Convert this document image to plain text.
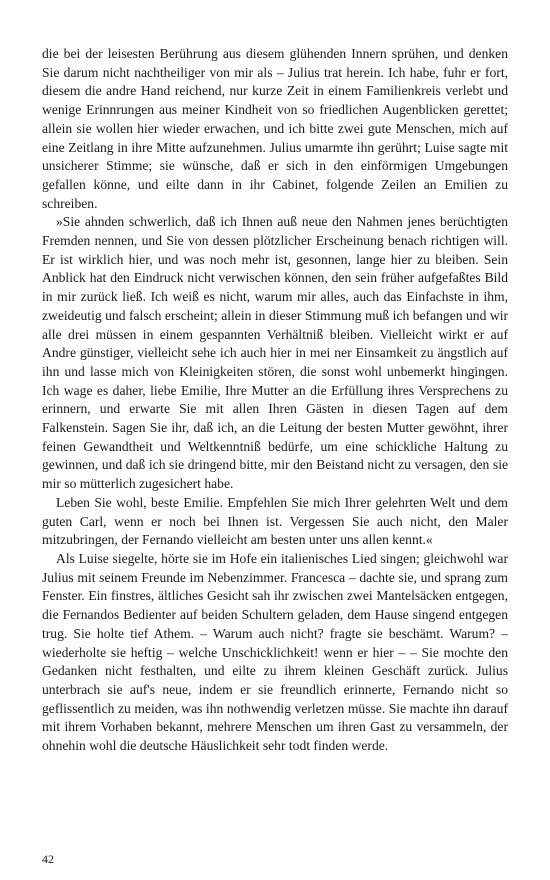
die bei der leisesten Berührung aus diesem glühenden Innern sprühen, und denken Sie darum nicht nachtheiliger von mir als – Julius trat herein. Ich habe, fuhr er fort, diesem die andre Hand reichend, nur kurze Zeit in einem Familienkreis verlebt und wenige Erinnrungen aus meiner Kindheit von so friedlichen Augenblicken gerettet; allein sie wollen hier wieder erwachen, und ich bitte zwei gute Menschen, mich auf eine Zeitlang in ihre Mitte aufzunehmen. Julius umarmte ihn gerührt; Luise sagte mit unsicherer Stimme; sie wünsche, daß er sich in den einförmigen Umgebungen gefallen könne, und eilte dann in ihr Cabinet, folgende Zeilen an Emilien zu schreiben.

»Sie ahnden schwerlich, daß ich Ihnen auß neue den Nahmen jenes berüchtigten Fremden nennen, und Sie von dessen plötzlicher Erscheinung benach richtigen will. Er ist wirklich hier, und was noch mehr ist, gesonnen, lange hier zu bleiben. Sein Anblick hat den Eindruck nicht verwischen können, den sein früher aufgefaßtes Bild in mir zurück ließ. Ich weiß es nicht, warum mir alles, auch das Einfachste in ihm, zweideutig und falsch erscheint; allein in dieser Stimmung muß ich befangen und wir alle drei müssen in einem gespannten Verhältniß bleiben. Vielleicht wirkt er auf Andre günstiger, vielleicht sehe ich auch hier in mei ner Einsamkeit zu ängstlich auf ihn und lasse mich von Kleinigkeiten stören, die sonst wohl unbemerkt hingingen. Ich wage es daher, liebe Emilie, Ihre Mutter an die Erfüllung ihres Versprechens zu erinnern, und erwarte Sie mit allen Ihren Gästen in diesen Tagen auf dem Falkenstein. Sagen Sie ihr, daß ich, an die Leitung der besten Mutter gewöhnt, ihrer feinen Gewandtheit und Weltkenntniß bedürfe, um eine schickliche Haltung zu gewinnen, und daß ich sie dringend bitte, mir den Beistand nicht zu versagen, den sie mir so mütterlich zugesichert habe.

Leben Sie wohl, beste Emilie. Empfehlen Sie mich Ihrer gelehrten Welt und dem guten Carl, wenn er noch bei Ihnen ist. Vergessen Sie auch nicht, den Maler mitzubringen, der Fernando vielleicht am besten unter uns allen kennt.«

Als Luise siegelte, hörte sie im Hofe ein italienisches Lied singen; gleichwohl war Julius mit seinem Freunde im Nebenzimmer. Francesca – dachte sie, und sprang zum Fenster. Ein finstres, ältliches Gesicht sah ihr zwischen zwei Mantelsäcken entgegen, die Fernandos Bedienter auf beiden Schultern geladen, dem Hause singend entgegen trug. Sie holte tief Athem. – Warum auch nicht? fragte sie beschämt. Warum? – wiederholte sie heftig – welche Unschicklichkeit! wenn er hier – – Sie mochte den Gedanken nicht festhalten, und eilte zu ihrem kleinen Geschäft zurück. Julius unterbrach sie auf's neue, indem er sie freundlich erinnerte, Fernando nicht so geflissentlich zu meiden, was ihn nothwendig verletzen müsse. Sie machte ihn darauf mit ihrem Vorhaben bekannt, mehrere Menschen um ihren Gast zu versammeln, der ohnehin wohl die deutsche Häuslichkeit sehr todt finden werde.

42
